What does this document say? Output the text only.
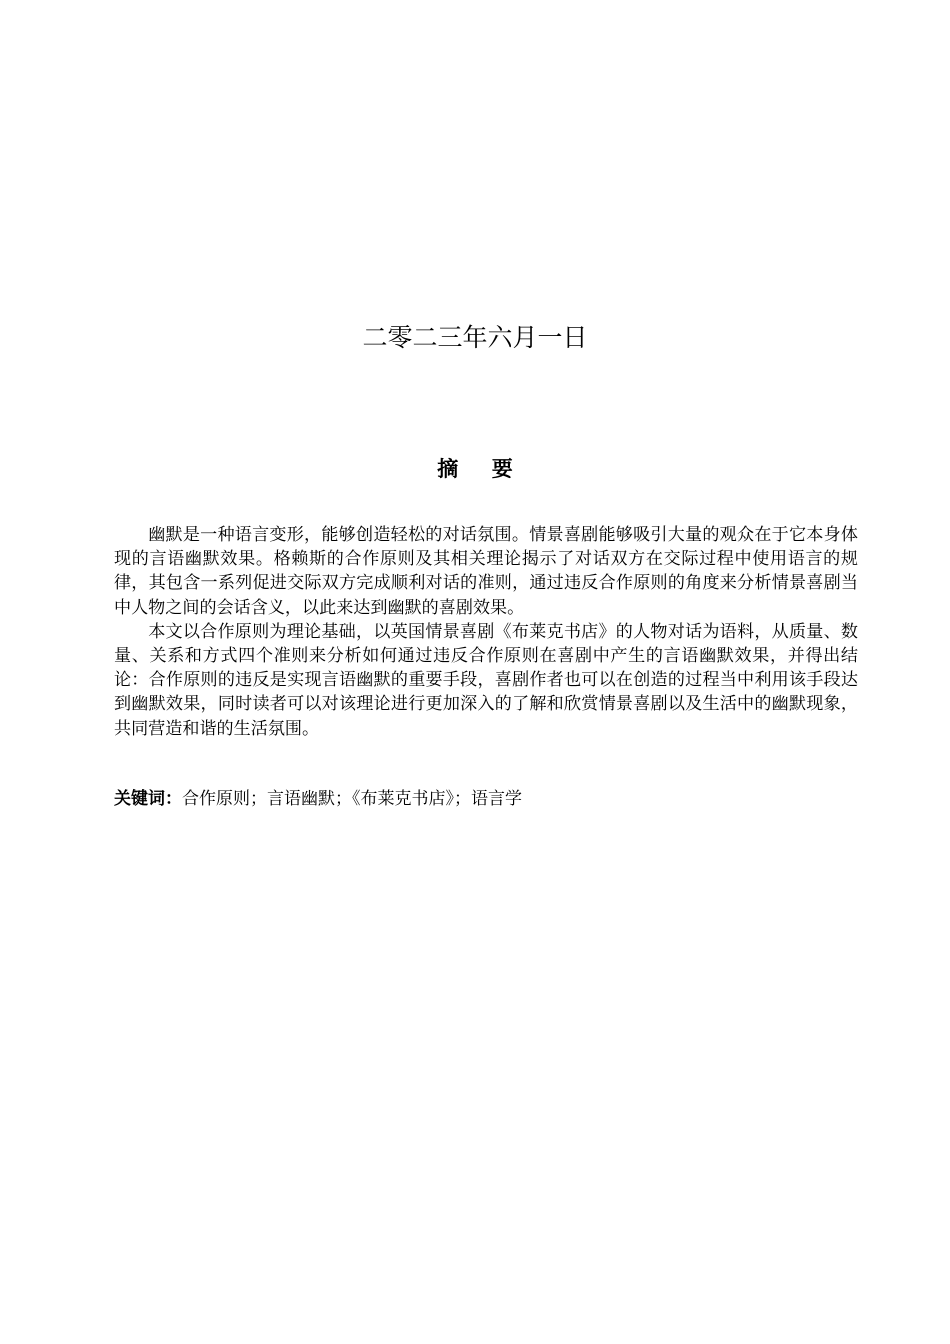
二零二三年六月一日
摘要

幽默是一种语言变形，能够创造轻松的对话氛围。情景喜剧能够吸引大量的观众在于它本身体现的言语幽默效果。格赖斯的合作原则及其相关理论揭示了对话双方在交际过程中使用语言的规律，其包含一系列促进交际双方完成顺利对话的准则，通过违反合作原则的角度来分析情景喜剧当中人物之间的会话含义，以此来达到幽默的喜剧效果。

本文以合作原则为理论基础，以英国情景喜剧《布莱克书店》的人物对话为语料，从质量、数量、关系和方式四个准则来分析如何通过违反合作原则在喜剧中产生的言语幽默效果，并得出结论：合作原则的违反是实现言语幽默的重要手段，喜剧作者也可以在创造的过程当中利用该手段达到幽默效果，同时读者可以对该理论进行更加深入的了解和欣赏情景喜剧以及生活中的幽默现象，共同营造和谐的生活氛围。

关键词：合作原则；言语幽默；《布莱克书店》；语言学
